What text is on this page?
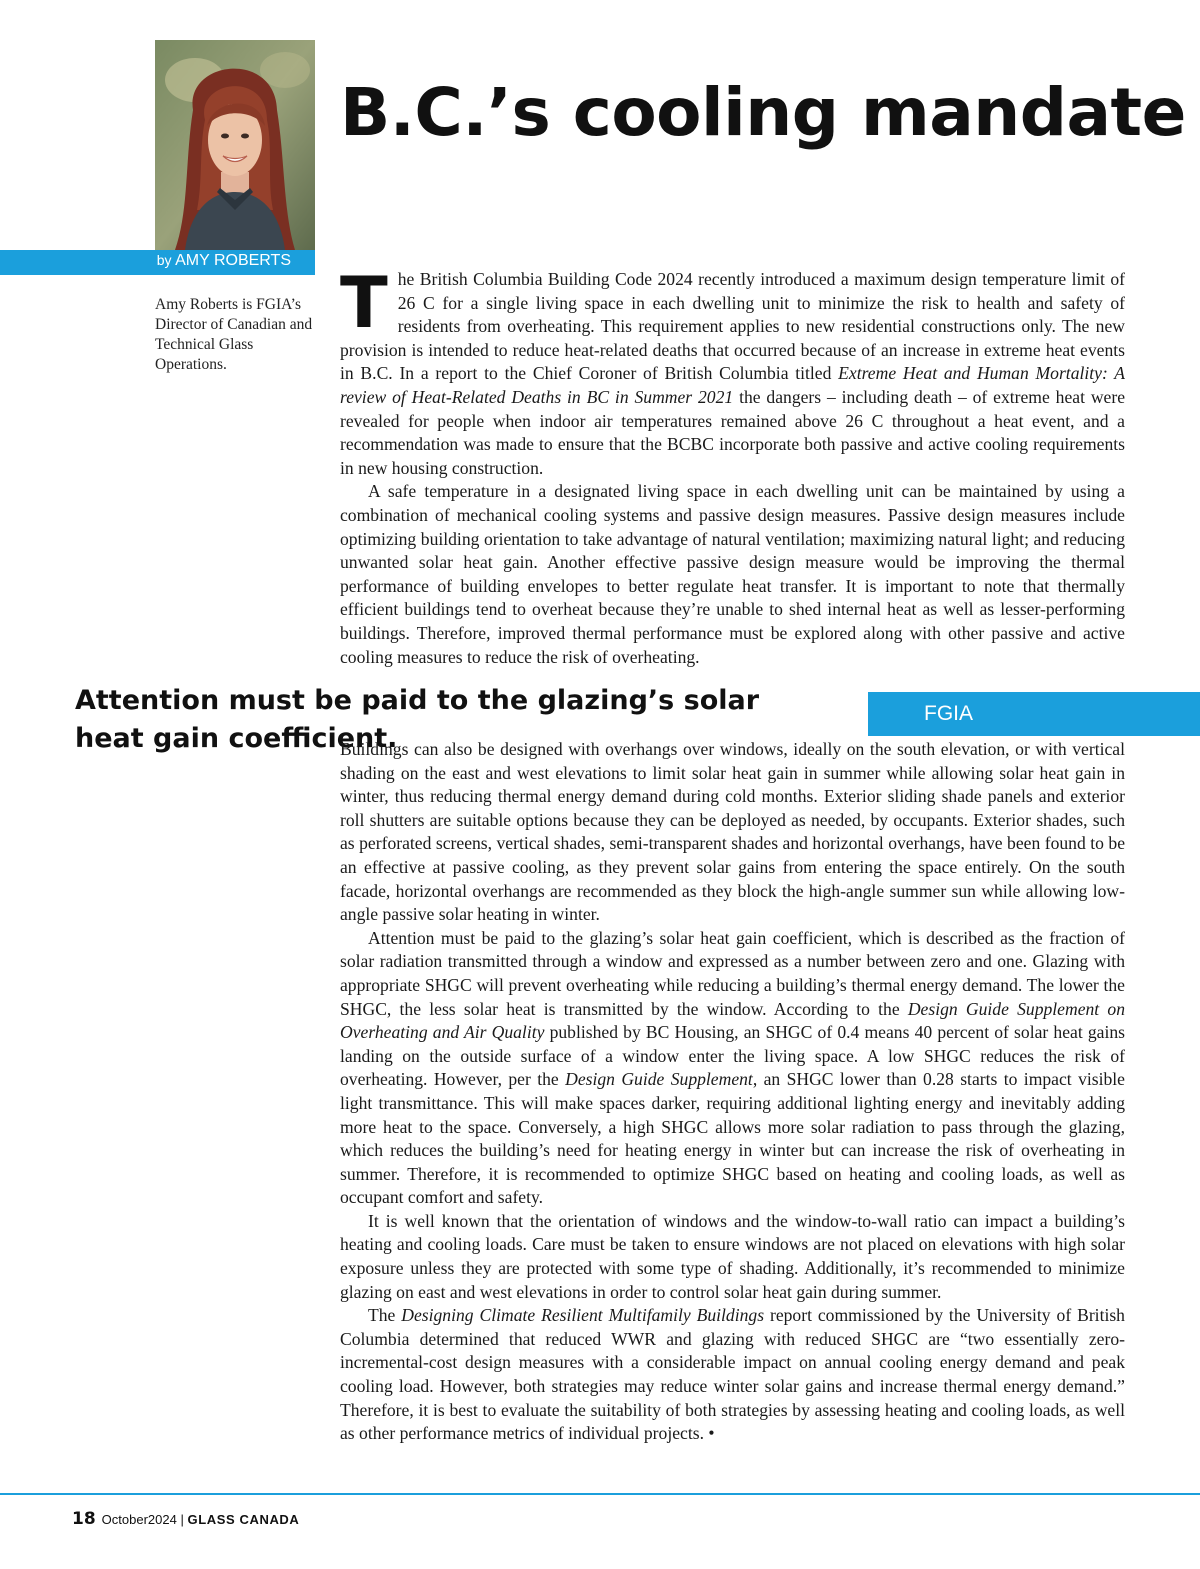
by AMY ROBERTS
Amy Roberts is FGIA’s Director of Canadian and Technical Glass Operations.
B.C.’s cooling mandate

The British Columbia Building Code 2024 recently introduced a maximum design temperature limit of 26 C for a single living space in each dwelling unit to minimize the risk to health and safety of residents from overheating. This requirement applies to new residential constructions only. The new provision is intended to reduce heat-related deaths that occurred because of an increase in extreme heat events in B.C. In a report to the Chief Coroner of British Columbia titled Extreme Heat and Human Mortality: A review of Heat-Related Deaths in BC in Summer 2021 the dangers – including death – of extreme heat were revealed for people when indoor air temperatures remained above 26 C throughout a heat event, and a recommendation was made to ensure that the BCBC incorporate both passive and active cooling requirements in new housing construction.

A safe temperature in a designated living space in each dwelling unit can be maintained by using a combination of mechanical cooling systems and passive design measures. Passive design measures include optimizing building orientation to take advantage of natural ventilation; maximizing natural light; and reducing unwanted solar heat gain. Another effective passive design measure would be improving the thermal performance of building envelopes to better regulate heat transfer. It is important to note that thermally efficient buildings tend to overheat because they’re unable to shed internal heat as well as lesser-performing buildings. Therefore, improved thermal performance must be explored along with other passive and active cooling measures to reduce the risk of overheating.

Attention must be paid to the glazing’s solar heat gain coefficient.
FGIA

Buildings can also be designed with overhangs over windows, ideally on the south elevation, or with vertical shading on the east and west elevations to limit solar heat gain in summer while allowing solar heat gain in winter, thus reducing thermal energy demand during cold months. Exterior sliding shade panels and exterior roll shutters are suitable options because they can be deployed as needed, by occupants. Exterior shades, such as perforated screens, vertical shades, semi-transparent shades and horizontal overhangs, have been found to be an effective at passive cooling, as they prevent solar gains from entering the space entirely. On the south facade, horizontal overhangs are recommended as they block the high-angle summer sun while allowing low-angle passive solar heating in winter.

Attention must be paid to the glazing’s solar heat gain coefficient, which is described as the fraction of solar radiation transmitted through a window and expressed as a number between zero and one. Glazing with appropriate SHGC will prevent overheating while reducing a building’s thermal energy demand. The lower the SHGC, the less solar heat is transmitted by the window. According to the Design Guide Supplement on Overheating and Air Quality published by BC Housing, an SHGC of 0.4 means 40 percent of solar heat gains landing on the outside surface of a window enter the living space. A low SHGC reduces the risk of overheating. However, per the Design Guide Supplement, an SHGC lower than 0.28 starts to impact visible light transmittance. This will make spaces darker, requiring additional lighting energy and inevitably adding more heat to the space. Conversely, a high SHGC allows more solar radiation to pass through the glazing, which reduces the building’s need for heating energy in winter but can increase the risk of overheating in summer. Therefore, it is recommended to optimize SHGC based on heating and cooling loads, as well as occupant comfort and safety.

It is well known that the orientation of windows and the window-to-wall ratio can impact a building’s heating and cooling loads. Care must be taken to ensure windows are not placed on elevations with high solar exposure unless they are protected with some type of shading. Additionally, it’s recommended to minimize glazing on east and west elevations in order to control solar heat gain during summer.

The Designing Climate Resilient Multifamily Buildings report commissioned by the University of British Columbia determined that reduced WWR and glazing with reduced SHGC are “two essentially zero-incremental-cost design measures with a considerable impact on annual cooling energy demand and peak cooling load. However, both strategies may reduce winter solar gains and increase thermal energy demand.” Therefore, it is best to evaluate the suitability of both strategies by assessing heating and cooling loads, as well as other performance metrics of individual projects. •

18 October2024 | GLASS CANADA
